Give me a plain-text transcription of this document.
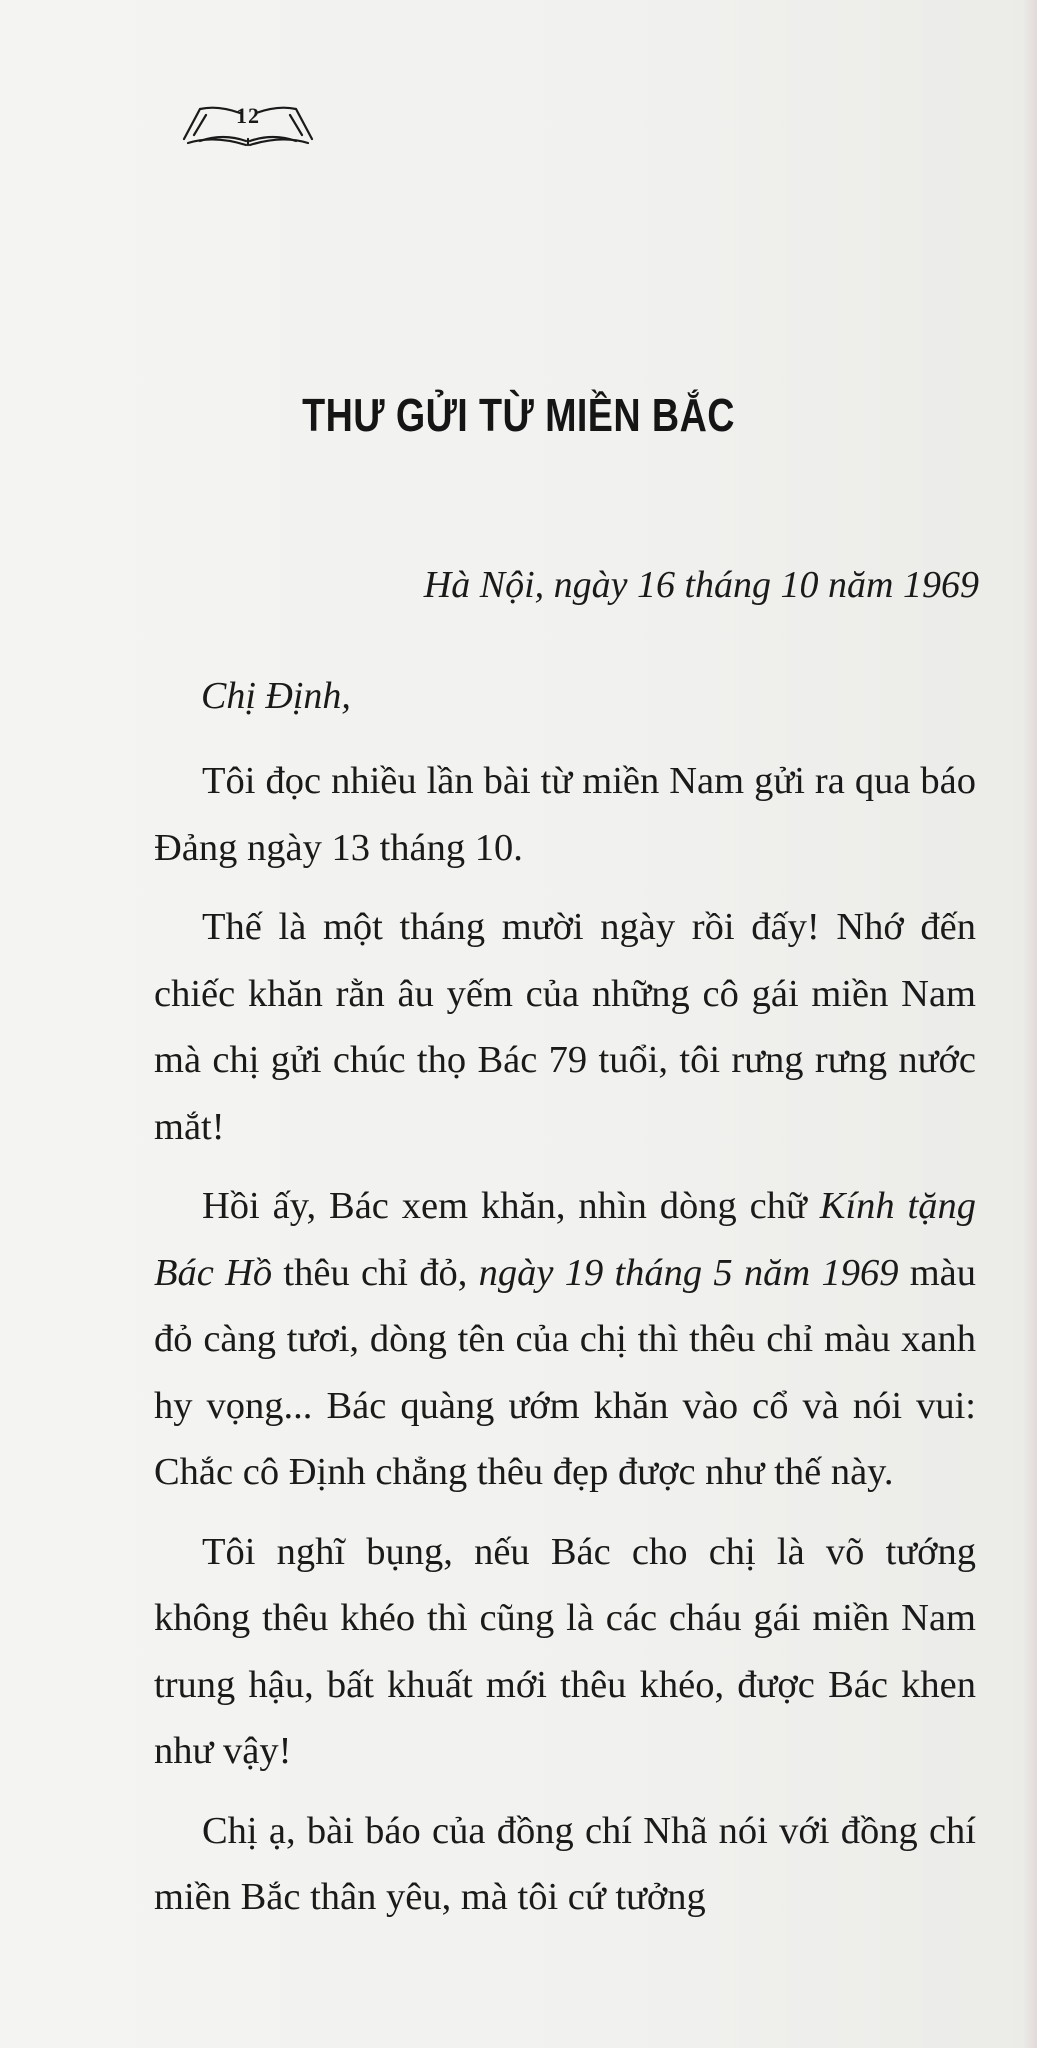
12
THƯ GỬI TỪ MIỀN BẮC
Hà Nội, ngày 16 tháng 10 năm 1969
Chị Định,

Tôi đọc nhiều lần bài từ miền Nam gửi ra qua báo Đảng ngày 13 tháng 10.

Thế là một tháng mười ngày rồi đấy! Nhớ đến chiếc khăn rằn âu yếm của những cô gái miền Nam mà chị gửi chúc thọ Bác 79 tuổi, tôi rưng rưng nước mắt!

Hồi ấy, Bác xem khăn, nhìn dòng chữ Kính tặng Bác Hồ thêu chỉ đỏ, ngày 19 tháng 5 năm 1969 màu đỏ càng tươi, dòng tên của chị thì thêu chỉ màu xanh hy vọng... Bác quàng ướm khăn vào cổ và nói vui: Chắc cô Định chẳng thêu đẹp được như thế này.

Tôi nghĩ bụng, nếu Bác cho chị là võ tướng không thêu khéo thì cũng là các cháu gái miền Nam trung hậu, bất khuất mới thêu khéo, được Bác khen như vậy!

Chị ạ, bài báo của đồng chí Nhã nói với đồng chí miền Bắc thân yêu, mà tôi cứ tưởng
